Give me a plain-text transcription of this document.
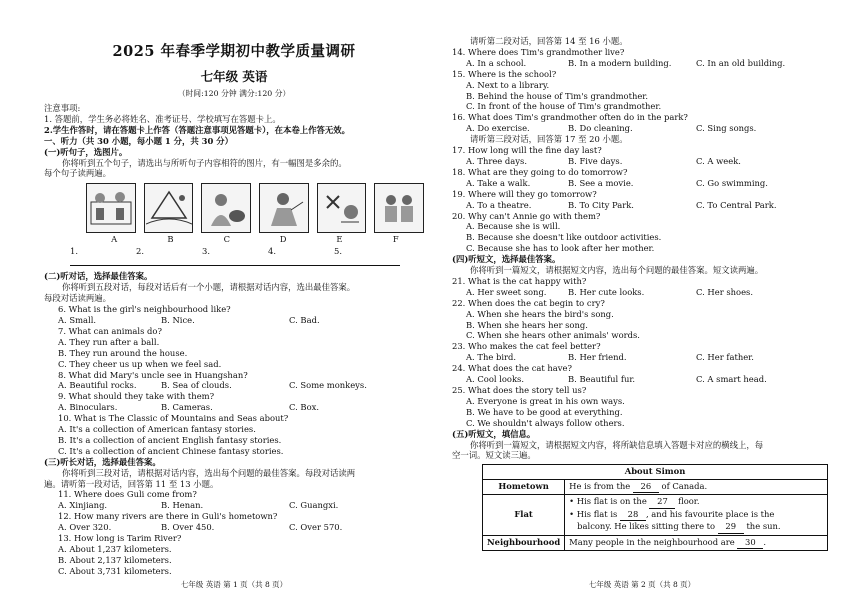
2025 年春季学期初中教学质量调研
七年级 英语
（时间:120 分钟 满分:120 分）
注意事项:
1. 答题前，学生务必将姓名、准考证号、学校填写在答题卡上。
2.学生作答时，请在答题卡上作答（答题注意事项见答题卡），在本卷上作答无效。
一、听力（共 30 小题，每小题 1 分，共 30 分）
(一)听句子，选图片。
你将听到五个句子，请选出与所听句子内容相符的图片，有一幅图是多余的。
每个句子读两遍。
A	B	C	D	E	F
1.	2.	3.	4.	5.
(二)听对话，选择最佳答案。
你将听到五段对话，每段对话后有一个小题，请根据对话内容，选出最佳答案。
每段对话读两遍。
6. What is the girl's neighbourhood like?
A. Small.	B. Nice.	C. Bad.
7. What can animals do?
A. They run after a ball.
B. They run around the house.
C. They cheer us up when we feel sad.
8. What did Mary's uncle see in Huangshan?
A. Beautiful rocks.	B. Sea of clouds.	C. Some monkeys.
9. What should they take with them?
A. Binoculars.	B. Cameras.	C. Box.
10. What is The Classic of Mountains and Seas about?
A. It's a collection of American fantasy stories.
B. It's a collection of ancient English fantasy stories.
C. It's a collection of ancient Chinese fantasy stories.
(三)听长对话，选择最佳答案。
你将听到三段对话，请根据对话内容，选出每个问题的最佳答案。每段对话读两
遍。请听第一段对话，回答第 11 至 13 小题。
11. Where does Guli come from?
A. Xinjiang.	B. Henan.	C. Guangxi.
12. How many rivers are there in Guli's hometown?
A. Over 320.	B. Over 450.	C. Over 570.
13. How long is Tarim River?
A. About 1,237 kilometers.
B. About 2,137 kilometers.
C. About 3,731 kilometers.
请听第二段对话，回答第 14 至 16 小题。
14. Where does Tim's grandmother live?
A. In a school.	B. In a modern building.	C. In an old building.
15. Where is the school?
A. Next to a library.
B. Behind the house of Tim's grandmother.
C. In front of the house of Tim's grandmother.
16. What does Tim's grandmother often do in the park?
A. Do exercise.	B. Do cleaning.	C. Sing songs.
请听第三段对话，回答第 17 至 20 小题。
17. How long will the fine day last?
A. Three days.	B. Five days.	C. A week.
18. What are they going to do tomorrow?
A. Take a walk.	B. See a movie.	C. Go swimming.
19. Where will they go tomorrow?
A. To a theatre.	B. To City Park.	C. To Central Park.
20. Why can't Annie go with them?
A. Because she is will.
B. Because she doesn't like outdoor activities.
C. Because she has to look after her mother.
(四)听短文，选择最佳答案。
你将听到一篇短文，请根据短文内容，选出每个问题的最佳答案。短文读两遍。
21. What is the cat happy with?
A. Her sweet song.	B. Her cute looks.	C. Her shoes.
22. When does the cat begin to cry?
A. When she hears the bird's song.
B. When she hears her song.
C. When she hears other animals' words.
23. Who makes the cat feel better?
A. The bird.	B. Her friend.	C. Her father.
24. What does the cat have?
A. Cool looks.	B. Beautiful fur.	C. A smart head.
25. What does the story tell us?
A. Everyone is great in his own ways.
B. We have to be good at everything.
C. We shouldn't always follow others.
(五)听短文，填信息。
你将听到一篇短文，请根据短文内容，将所缺信息填入答题卡对应的横线上，每
空一词。短文读三遍。
About Simon	
Hometown	He is from the 26 of Canada.
Flat	• His flat is on the 27 floor.
• His flat is 28 , and his favourite place is the
balcony. He likes sitting there to 29 the sun.

Neighbourhood	Many people in the neighbourhood are 30 .
七年级 英语 第 1 页（共 8 页）	七年级 英语 第 2 页（共 8 页）
